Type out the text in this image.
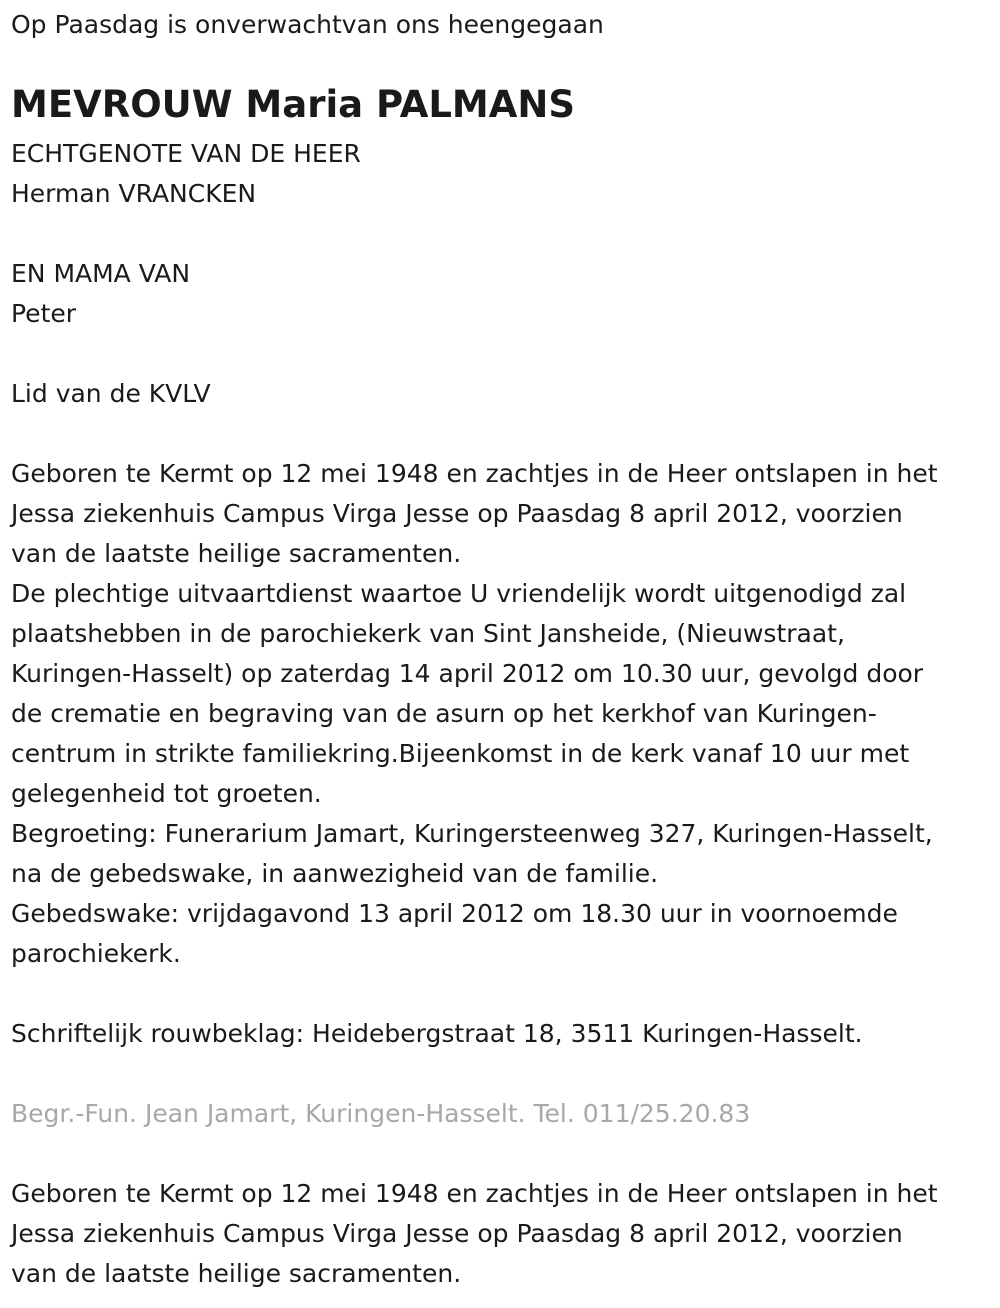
Op Paasdag is onverwachtvan ons heengegaan
MEVROUW Maria PALMANS
ECHTGENOTE VAN DE HEER
Herman VRANCKEN
EN MAMA VAN
Peter
Lid van de KVLV
Geboren te Kermt op 12 mei 1948 en zachtjes in de Heer ontslapen in het
Jessa ziekenhuis Campus Virga Jesse op Paasdag 8 april 2012, voorzien
van de laatste heilige sacramenten.
De plechtige uitvaartdienst waartoe U vriendelijk wordt uitgenodigd zal
plaatshebben in de parochiekerk van Sint Jansheide, (Nieuwstraat,
Kuringen-Hasselt) op zaterdag 14 april 2012 om 10.30 uur, gevolgd door
de crematie en begraving van de asurn op het kerkhof van Kuringen-
centrum in strikte familiekring.Bijeenkomst in de kerk vanaf 10 uur met
gelegenheid tot groeten.
Begroeting: Funerarium Jamart, Kuringersteenweg 327, Kuringen-Hasselt,
na de gebedswake, in aanwezigheid van de familie.
Gebedswake: vrijdagavond 13 april 2012 om 18.30 uur in voornoemde
parochiekerk.
Schriftelijk rouwbeklag: Heidebergstraat 18, 3511 Kuringen-Hasselt.
Begr.-Fun. Jean Jamart, Kuringen-Hasselt. Tel. 011/25.20.83
Geboren te Kermt op 12 mei 1948 en zachtjes in de Heer ontslapen in het
Jessa ziekenhuis Campus Virga Jesse op Paasdag 8 april 2012, voorzien
van de laatste heilige sacramenten.
